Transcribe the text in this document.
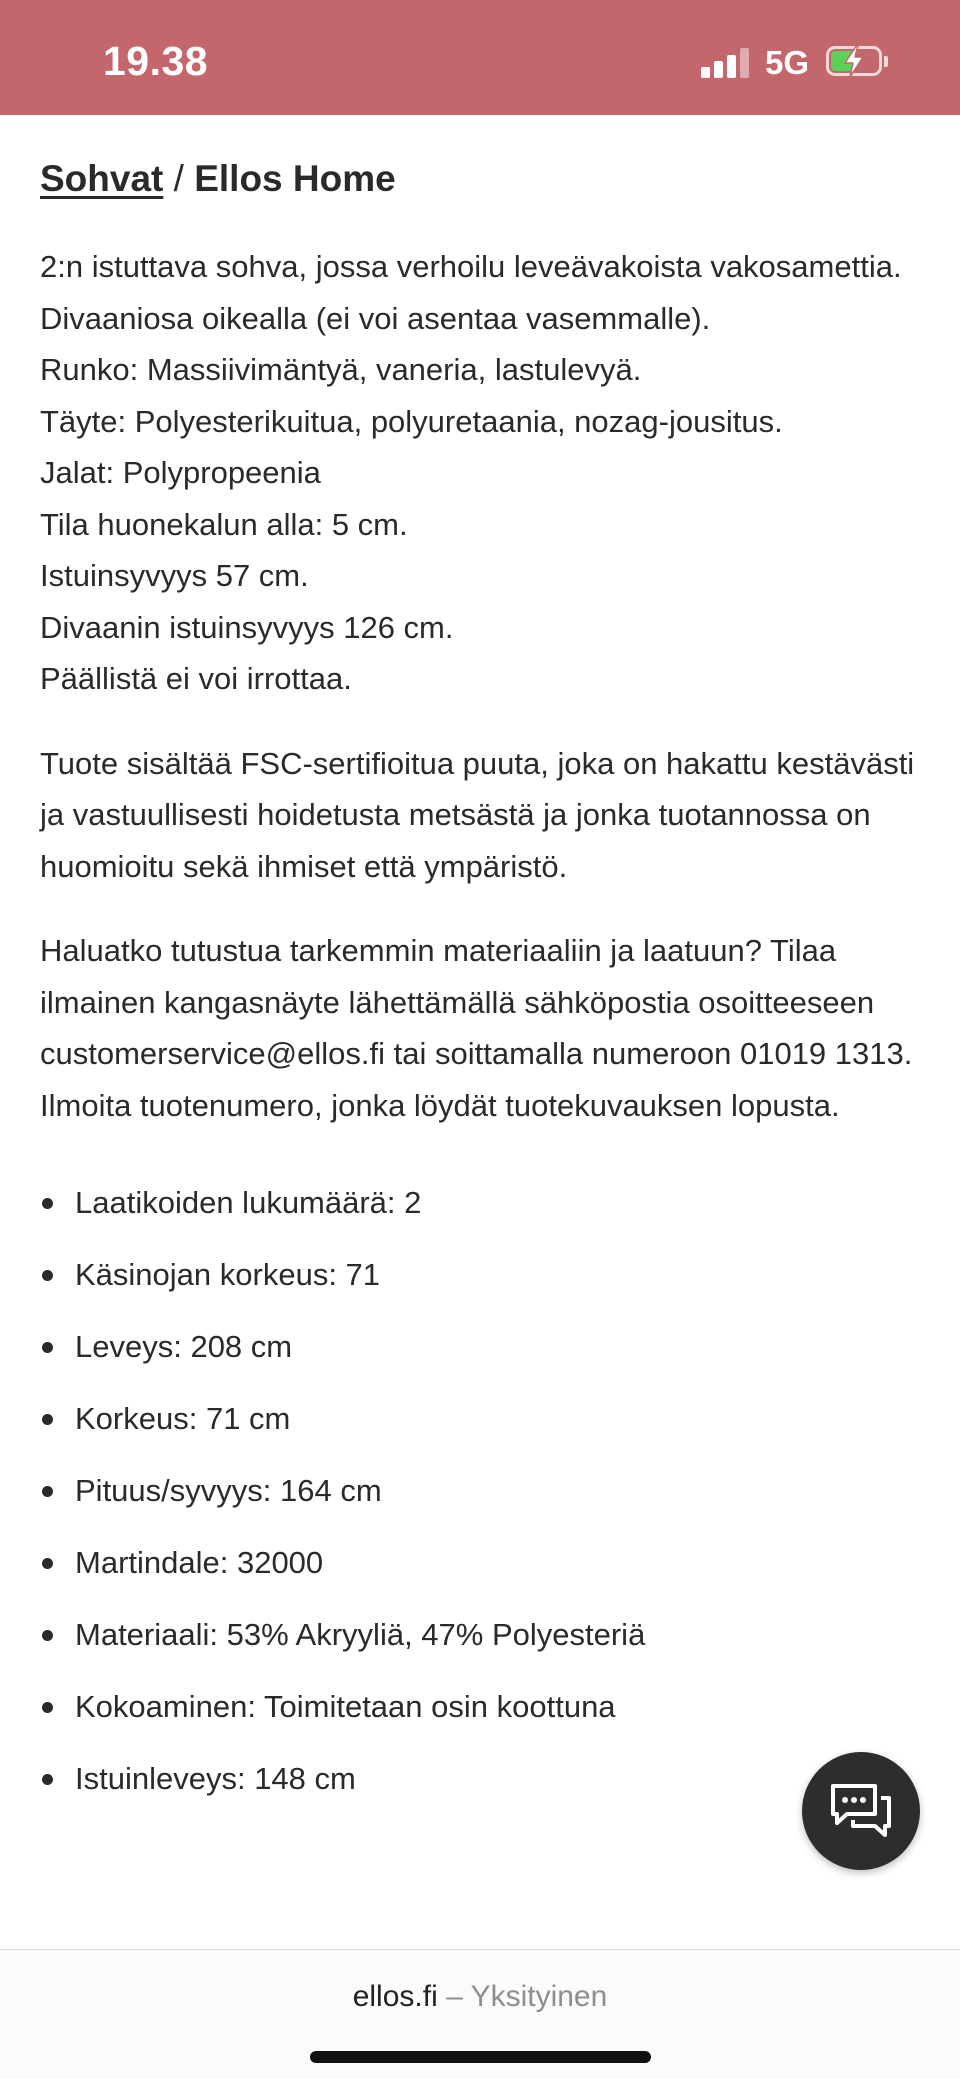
19.38	5G
Sohvat / Ellos Home

2:n istuttava sohva, jossa verhoilu leveävakoista vakosamettia. Divaaniosa oikealla (ei voi asentaa vasemmalle).

Runko: Massiivimäntyä, vaneria, lastulevyä.

Täyte: Polyesterikuitua, polyuretaania, nozag-jousitus.

Jalat: Polypropeenia

Tila huonekalun alla: 5 cm.

Istuinsyvyys 57 cm.

Divaanin istuinsyvyys 126 cm.

Päällistä ei voi irrottaa.

Tuote sisältää FSC-sertifioitua puuta, joka on hakattu kestävästi ja vastuullisesti hoidetusta metsästä ja jonka tuotannossa on huomioitu sekä ihmiset että ympäristö.

Haluatko tutustua tarkemmin materiaaliin ja laatuun? Tilaa ilmainen kangasnäyte lähettämällä sähköpostia osoitteeseen customerservice@ellos.fi tai soittamalla numeroon 01019 1313. Ilmoita tuotenumero, jonka löydät tuotekuvauksen lopusta.

Laatikoiden lukumäärä: 2
Käsinojan korkeus: 71
Leveys: 208 cm
Korkeus: 71 cm
Pituus/syvyys: 164 cm
Martindale: 32000
Materiaali: 53% Akryyliä, 47% Polyesteriä
Kokoaminen: Toimitetaan osin koottuna
Istuinleveys: 148 cm
ellos.fi – Yksityinen
